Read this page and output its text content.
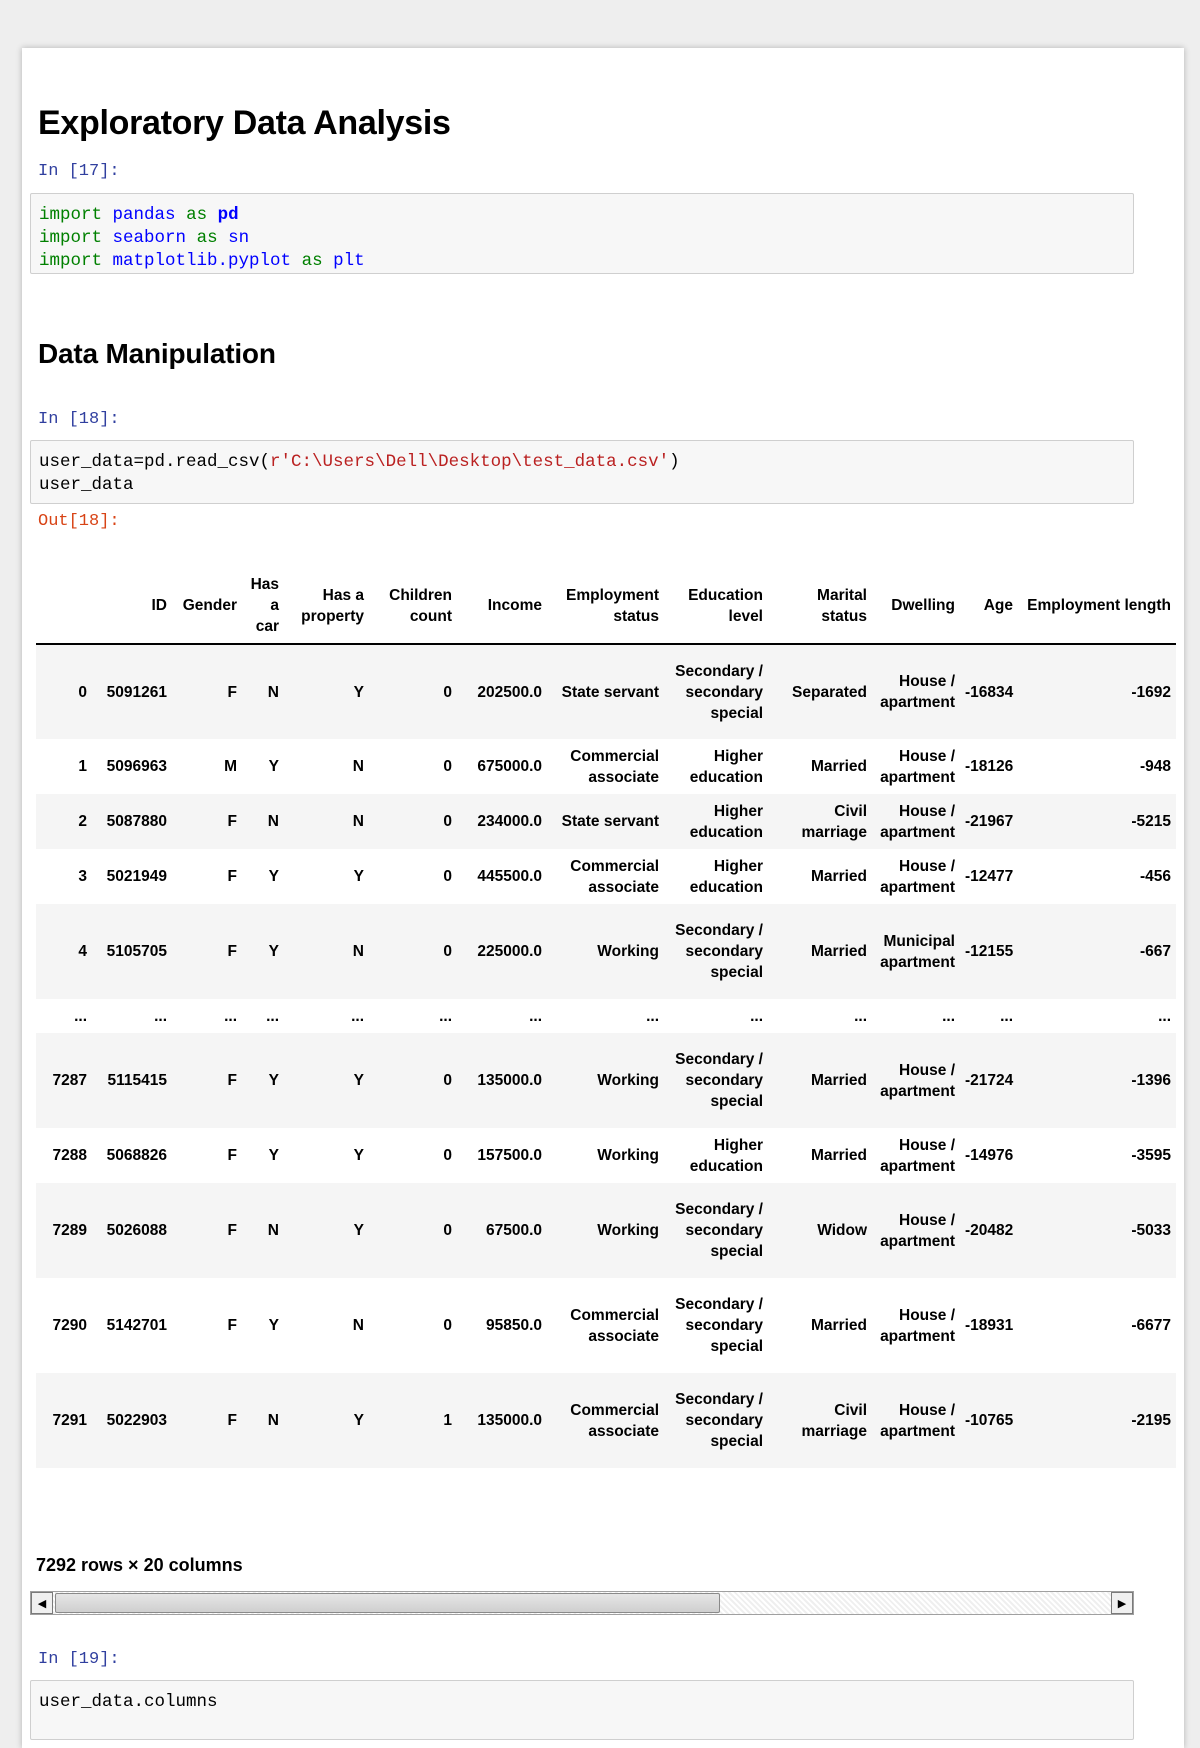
Exploratory Data Analysis
In [17]:
import pandas as pd
import seaborn as sn
import matplotlib.pyplot as plt
Data Manipulation
In [18]:
user_data=pd.read_csv(r'C:\Users\Dell\Desktop\test_data.csv')
user_data
Out[18]:
	ID	Gender	Has a car	Has a property	Children count	Income	Employment status	Education level	Marital status	Dwelling	Age	Employment length
0	5091261	F	N	Y	0	202500.0	State servant	Secondary / secondary special	Separated	House / apartment	-16834	-1692
1	5096963	M	Y	N	0	675000.0	Commercial associate	Higher education	Married	House / apartment	-18126	-948
2	5087880	F	N	N	0	234000.0	State servant	Higher education	Civil marriage	House / apartment	-21967	-5215
3	5021949	F	Y	Y	0	445500.0	Commercial associate	Higher education	Married	House / apartment	-12477	-456
4	5105705	F	Y	N	0	225000.0	Working	Secondary / secondary special	Married	Municipal apartment	-12155	-667
...	...	...	...	...	...	...	...	...	...	...	...	...
7287	5115415	F	Y	Y	0	135000.0	Working	Secondary / secondary special	Married	House / apartment	-21724	-1396
7288	5068826	F	Y	Y	0	157500.0	Working	Higher education	Married	House / apartment	-14976	-3595
7289	5026088	F	N	Y	0	67500.0	Working	Secondary / secondary special	Widow	House / apartment	-20482	-5033
7290	5142701	F	Y	N	0	95850.0	Commercial associate	Secondary / secondary special	Married	House / apartment	-18931	-6677
7291	5022903	F	N	Y	1	135000.0	Commercial associate	Secondary / secondary special	Civil marriage	House / apartment	-10765	-2195
7292 rows × 20 columns
◀	▶
In [19]:
user_data.columns
